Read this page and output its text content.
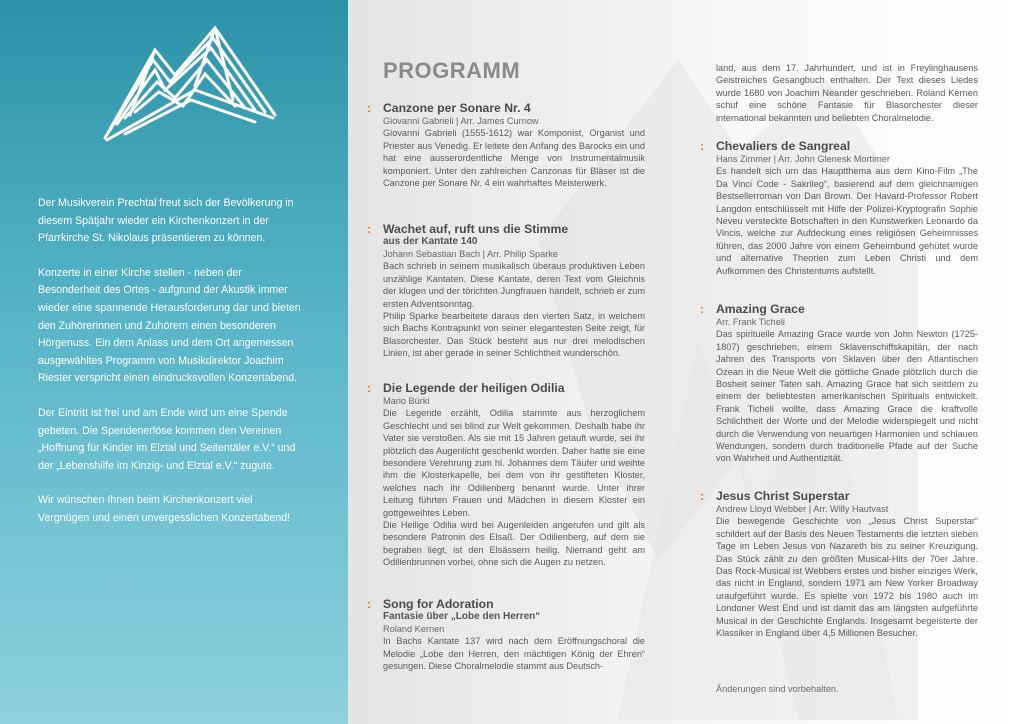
Der Musikverein Prechtal freut sich der Bevölkerung in diesem Spätjahr wieder ein Kirchenkonzert in der Pfarrkirche St. Nikolaus präsentieren zu können.

Konzerte in einer Kirche stellen - neben der Besonderheit des Ortes - aufgrund der Akustik immer wieder eine spannende Herausforderung dar und bieten den Zuhörerinnen und Zuhörern einen besonderen Hörgenuss. Ein dem Anlass und dem Ort angemessen ausgewähltes Programm von Musikdirektor Joachim Riester verspricht einen eindrucksvollen Konzertabend.

Der Eintritt ist frei und am Ende wird um eine Spende gebeten. Die Spendenerlöse kommen den Vereinen „Hoffnung für Kinder im Elztal und Seitentäler e.V.“ und der „Lebenshilfe im Kinzig- und Elztal e.V.“ zugute.

Wir wünschen Ihnen beim Kirchenkonzert viel Vergnügen und einen unvergesslichen Konzertabend!

PROGRAMM
: Canzone per Sonare Nr. 4
Giovanni Gabrieli | Arr. James Curnow
Giovanni Gabrieli (1555-1612) war Komponist, Organist und Priester aus Venedig. Er leitete den Anfang des Barocks ein und hat eine ausserordentliche Menge von Instrumentalmusik komponiert. Unter den zahlreichen Canzonas für Bläser ist die Canzone per Sonare Nr. 4 ein wahrhaftes Meisterwerk.
: Wachet auf, ruft uns die Stimme
aus der Kantate 140
Johann Sebastian Bach | Arr. Philip Sparke
Bach schrieb in seinem musikalisch überaus produktiven Leben unzählige Kantaten. Diese Kantate, deren Text vom Gleichnis der klugen und der törichten Jungfrauen handelt, schrieb er zum ersten Adventsonntag.
Philip Sparke bearbeitete daraus den vierten Satz, in welchem sich Bachs Kontrapunkt von seiner elegantesten Seite zeigt, für Blasorchester. Das Stück besteht aus nur drei melodischen Linien, ist aber gerade in seiner Schlichtheit wunderschön.
: Die Legende der heiligen Odilia
Mario Bürki
Die Legende erzählt, Odilia stammte aus herzoglichem Geschlecht und sei blind zur Welt gekommen. Deshalb habe ihr Vater sie verstoßen. Als sie mit 15 Jahren getauft wurde, sei ihr plötzlich das Augenlicht geschenkt worden. Daher hatte sie eine besondere Verehrung zum hl. Johannes dem Täufer und weihte ihm die Klosterkapelle, bei dem von ihr gestifteten Kloster, welches nach ihr Odilienberg benannt wurde. Unter ihrer Leitung führten Frauen und Mädchen in diesem Kloster ein gottgeweihtes Leben.
Die Heilige Odilia wird bei Augenleiden angerufen und gilt als besondere Patronin des Elsaß. Der Odilienberg, auf dem sie begraben liegt, ist den Elsässern heilig. Niemand geht am Odilienbrunnen vorbei, ohne sich die Augen zu netzen.
: Song for Adoration
Fantasie über „Lobe den Herren“
Roland Kernen
In Bachs Kantate 137 wird nach dem Eröffnungschoral die Melodie „Lobe den Herren, den mächtigen König der Ehren“ gesungen. Diese Choralmelodie stammt aus Deutsch-
land, aus dem 17. Jahrhundert, und ist in Freylinghausens Geistreiches Gesangbuch enthalten. Der Text dieses Liedes wurde 1680 von Joachim Neander geschrieben. Roland Kernen schuf eine schöne Fantasie für Blasorchester dieser international bekannten und beliebten Choralmelodie.
: Chevaliers de Sangreal
Hans Zimmer | Arr. John Glenesk Mortimer
Es handelt sich um das Hauptthema aus dem Kino-Film „The Da Vinci Code - Sakrileg“, basierend auf dem gleichnamigen Bestsellerroman von Dan Brown. Der Havard-Professor Robert Langdon entschlüsselt mit Hilfe der Polizei-Kryptografin Sophie Neveu versteckte Botschaften in den Kunstwerken Leonardo da Vincis, welche zur Aufdeckung eines religiösen Geheimnisses führen, das 2000 Jahre von einem Geheimbund gehütet wurde und alternative Theorien zum Leben Christi und dem Aufkommen des Christentums aufstellt.
: Amazing Grace
Arr. Frank Ticheli
Das spirituelle Amazing Grace wurde von John Newton (1725-1807) geschrieben, einem Sklavenschiffskapitän, der nach Jahren des Transports von Sklaven über den Atlantischen Ozean in die Neue Welt die göttliche Gnade plötzlich durch die Bosheit seiner Taten sah. Amazing Grace hat sich seitdem zu einem der beliebtesten amerikanischen Spirituals entwickelt. Frank Ticheli wollte, dass Amazing Grace die kraftvolle Schlichtheit der Worte und der Melodie widerspiegelt und nicht durch die Verwendung von neuartigen Harmonien und schlauen Wendungen, sondern durch traditionelle Pfade auf der Suche von Wahrheit und Authentizität.
: Jesus Christ Superstar
Andrew Lloyd Webber | Arr. Willy Hautvast
Die bewegende Geschichte von „Jesus Christ Superstar“ schildert auf der Basis des Neuen Testaments die letzten sieben Tage im Leben Jesus von Nazareth bis zu seiner Kreuzigung. Das Stück zählt zu den größten Musical-Hits der 70er Jahre. Das Rock-Musical ist Webbers erstes und bisher einziges Werk, das nicht in England, sondern 1971 am New Yorker Broadway uraufgeführt wurde. Es spielte von 1972 bis 1980 auch im Londoner West End und ist damit das am längsten aufgeführte Musical in der Geschichte Englands. Insgesamt begeisterte der Klassiker in England über 4,5 Millionen Besucher.
Änderungen sind vorbehalten.
